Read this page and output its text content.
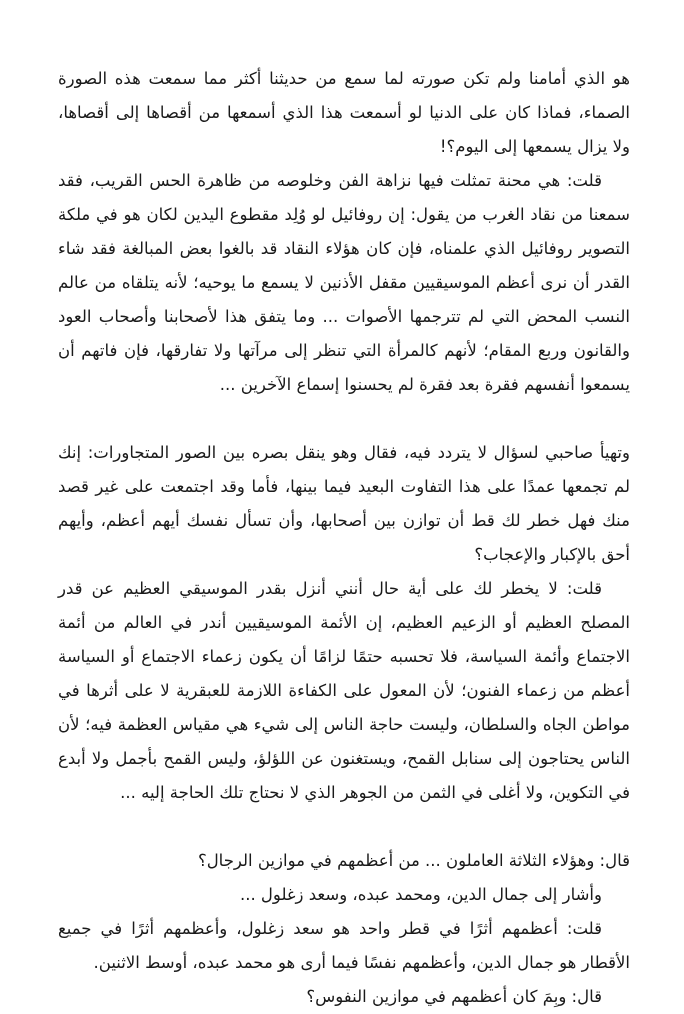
هو الذي أمامنا ولم تكن صورته لما سمع من حديثنا أكثر مما سمعت هذه الصورة الصماء، فماذا كان على الدنيا لو أسمعت هذا الذي أسمعها من أقصاها إلى أقصاها، ولا يزال يسمعها إلى اليوم؟!

قلت: هي محنة تمثلت فيها نزاهة الفن وخلوصه من ظاهرة الحس القريب، فقد سمعنا من نقاد الغرب من يقول: إن روفائيل لو وُلِد مقطوع اليدين لكان هو في ملكة التصوير روفائيل الذي علمناه، فإن كان هؤلاء النقاد قد بالغوا بعض المبالغة فقد شاء القدر أن نرى أعظم الموسيقيين مقفل الأذنين لا يسمع ما يوحيه؛ لأنه يتلقاه من عالم النسب المحض التي لم تترجمها الأصوات ... وما يتفق هذا لأصحابنا وأصحاب العود والقانون وربع المقام؛ لأنهم كالمرأة التي تنظر إلى مرآتها ولا تفارقها، فإن فاتهم أن يسمعوا أنفسهم فقرة بعد فقرة لم يحسنوا إسماع الآخرين ...

وتهيأ صاحبي لسؤال لا يتردد فيه، فقال وهو ينقل بصره بين الصور المتجاورات: إنك لم تجمعها عمدًا على هذا التفاوت البعيد فيما بينها، فأما وقد اجتمعت على غير قصد منك فهل خطر لك قط أن توازن بين أصحابها، وأن تسأل نفسك أيهم أعظم، وأيهم أحق بالإكبار والإعجاب؟

قلت: لا يخطر لك على أية حال أنني أنزل بقدر الموسيقي العظيم عن قدر المصلح العظيم أو الزعيم العظيم، إن الأئمة الموسيقيين أندر في العالم من أئمة الاجتماع وأئمة السياسة، فلا تحسبه حتمًا لزامًا أن يكون زعماء الاجتماع أو السياسة أعظم من زعماء الفنون؛ لأن المعول على الكفاءة اللازمة للعبقرية لا على أثرها في مواطن الجاه والسلطان، وليست حاجة الناس إلى شيء هي مقياس العظمة فيه؛ لأن الناس يحتاجون إلى سنابل القمح، ويستغنون عن اللؤلؤ، وليس القمح بأجمل ولا أبدع في التكوين، ولا أغلى في الثمن من الجوهر الذي لا نحتاج تلك الحاجة إليه ...

قال: وهؤلاء الثلاثة العاملون ... من أعظمهم في موازين الرجال؟

وأشار إلى جمال الدين، ومحمد عبده، وسعد زغلول ...

قلت: أعظمهم أثرًا في قطر واحد هو سعد زغلول، وأعظمهم أثرًا في جميع الأقطار هو جمال الدين، وأعظمهم نفسًا فيما أرى هو محمد عبده، أوسط الاثنين.

قال: وبِمَ كان أعظمهم في موازين النفوس؟
